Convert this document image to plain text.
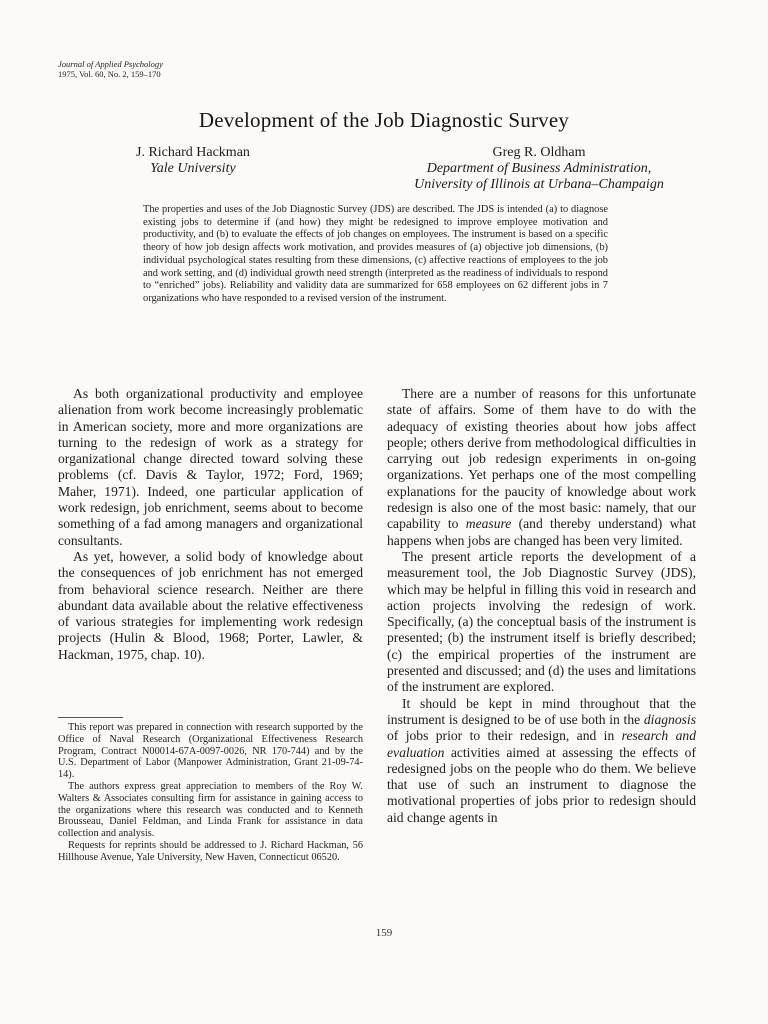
Journal of Applied Psychology
1975, Vol. 60, No. 2, 159–170
Development of the Job Diagnostic Survey
J. Richard Hackman
Yale University
Greg R. Oldham
Department of Business Administration,
University of Illinois at Urbana–Champaign
The properties and uses of the Job Diagnostic Survey (JDS) are described. The JDS is intended (a) to diagnose existing jobs to determine if (and how) they might be redesigned to improve employee motivation and productivity, and (b) to evaluate the effects of job changes on employees. The instrument is based on a specific theory of how job design affects work motivation, and provides measures of (a) objective job dimensions, (b) individual psychological states resulting from these dimensions, (c) affective reactions of employees to the job and work setting, and (d) individual growth need strength (interpreted as the readiness of individuals to respond to “enriched” jobs). Reliability and validity data are summarized for 658 employees on 62 different jobs in 7 organizations who have responded to a revised version of the instrument.

As both organizational productivity and employee alienation from work become increasingly problematic in American society, more and more organizations are turning to the redesign of work as a strategy for organizational change directed toward solving these problems (cf. Davis & Taylor, 1972; Ford, 1969; Maher, 1971). Indeed, one particular application of work redesign, job enrichment, seems about to become something of a fad among managers and organizational consultants.

As yet, however, a solid body of knowledge about the consequences of job enrichment has not emerged from behavioral science research. Neither are there abundant data available about the relative effectiveness of various strategies for implementing work redesign projects (Hulin & Blood, 1968; Porter, Lawler, & Hackman, 1975, chap. 10).

This report was prepared in connection with research supported by the Office of Naval Research (Organizational Effectiveness Research Program, Contract N00014-67A-0097-0026, NR 170-744) and by the U.S. Department of Labor (Manpower Administration, Grant 21-09-74-14).

The authors express great appreciation to members of the Roy W. Walters & Associates consulting firm for assistance in gaining access to the organizations where this research was conducted and to Kenneth Brousseau, Daniel Feldman, and Linda Frank for assistance in data collection and analysis.

Requests for reprints should be addressed to J. Richard Hackman, 56 Hillhouse Avenue, Yale University, New Haven, Connecticut 06520.

There are a number of reasons for this unfortunate state of affairs. Some of them have to do with the adequacy of existing theories about how jobs affect people; others derive from methodological difficulties in carrying out job redesign experiments in on-going organizations. Yet perhaps one of the most compelling explanations for the paucity of knowledge about work redesign is also one of the most basic: namely, that our capability to measure (and thereby understand) what happens when jobs are changed has been very limited.

The present article reports the development of a measurement tool, the Job Diagnostic Survey (JDS), which may be helpful in filling this void in research and action projects involving the redesign of work. Specifically, (a) the conceptual basis of the instrument is presented; (b) the instrument itself is briefly described; (c) the empirical properties of the instrument are presented and discussed; and (d) the uses and limitations of the instrument are explored.

It should be kept in mind throughout that the instrument is designed to be of use both in the diagnosis of jobs prior to their redesign, and in research and evaluation activities aimed at assessing the effects of redesigned jobs on the people who do them. We believe that use of such an instrument to diagnose the motivational properties of jobs prior to redesign should aid change agents in

159
